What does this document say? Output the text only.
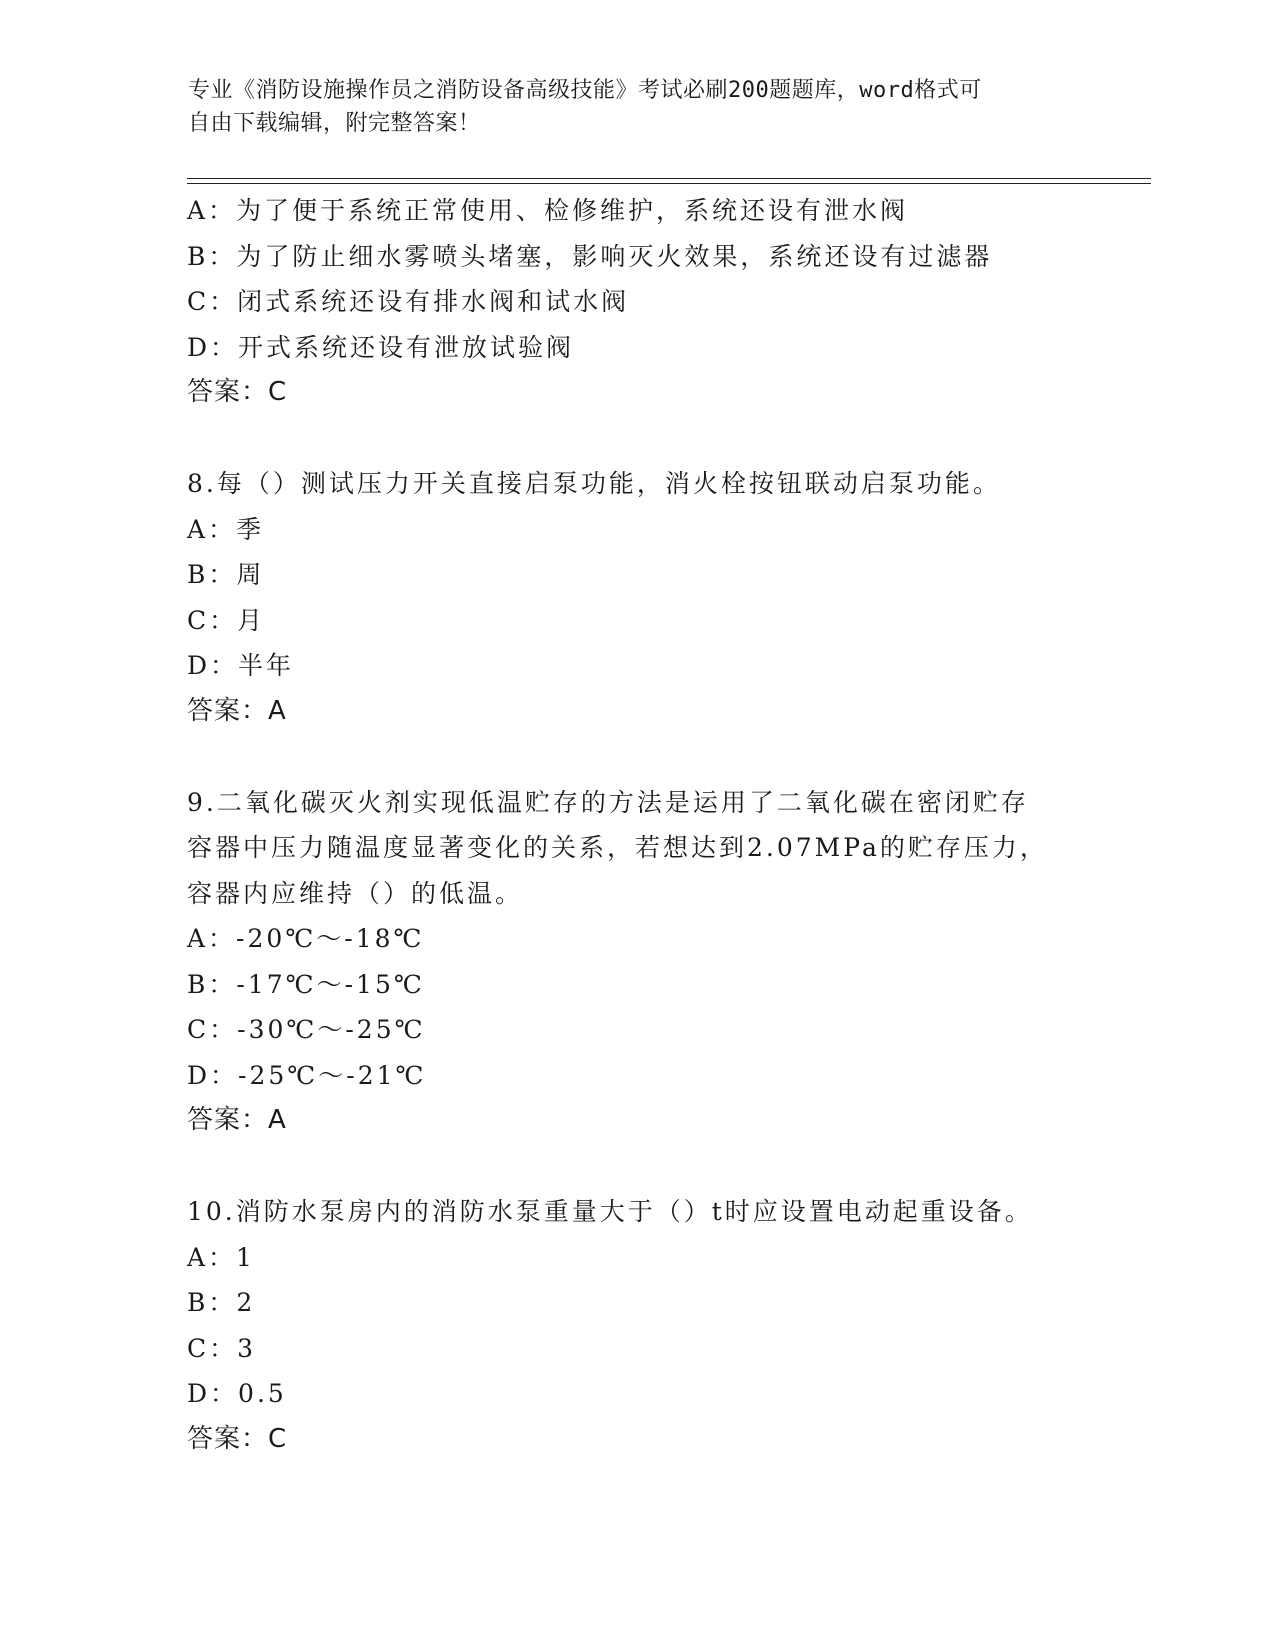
专业《消防设施操作员之消防设备高级技能》考试必刷200题题库，word格式可
自由下载编辑，附完整答案！
A：为了便于系统正常使用、检修维护，系统还设有泄水阀
B：为了防止细水雾喷头堵塞，影响灭火效果，系统还设有过滤器
C：闭式系统还设有排水阀和试水阀
D：开式系统还设有泄放试验阀
答案：C
8.每（）测试压力开关直接启泵功能，消火栓按钮联动启泵功能。
A：季
B：周
C：月
D：半年
答案：A
9.二氧化碳灭火剂实现低温贮存的方法是运用了二氧化碳在密闭贮存
容器中压力随温度显著变化的关系，若想达到2.07MPa的贮存压力，
容器内应维持（）的低温。
A：-20℃～-18℃
B：-17℃～-15℃
C：-30℃～-25℃
D：-25℃～-21℃
答案：A
10.消防水泵房内的消防水泵重量大于（）t时应设置电动起重设备。
A：1
B：2
C：3
D：0.5
答案：C
